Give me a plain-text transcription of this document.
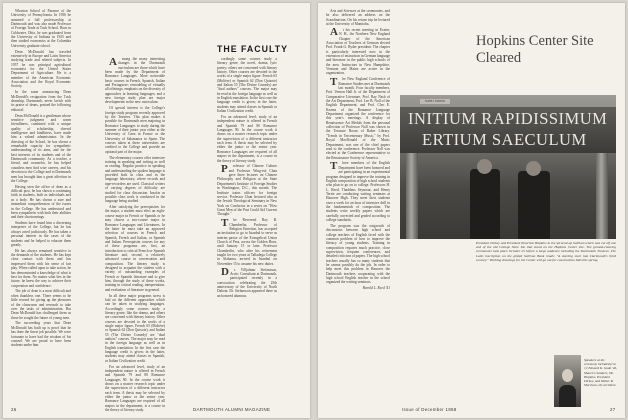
Wharton School of Finance of the University of Pennsylvania. In 1956 he assumed a full professorship at Dartmouth and was also made Professor of Foreign Trade at Tuck School. Born in Coldwater, Ohio, he was graduated from the University of Indiana in 1925 and then studied economics at the Columbia University graduate school.

Dean McDonald has traveled extensively in Europe and Latin America studying trade and related subjects. In 1957 he was principal agricultural economist for the United States Department of Agriculture. He is a member of the American Economic Association and the Royal Economic Society.

In the same announcing Dean McDonald's resignation from the Tuck deanship, Dartmouth, never lavish with its praise of deans, praised the following editorial:

Dean McDonald is a gentleman whose sensitive judgment and warm friendliness, combined with a unique quality of scholarship, shrewd intelligence and kindliness, have made him a valued administrator. In the directing of the School, he has shown a remarkable capacity for sympathetic understanding of its aims, and for the best interests of its students and of the Dartmouth community. As a teacher, a friend, and counselor, he has helped countless men find wise careers, and his devotion to the College and to Dartmouth men has brought him a great affection in the College.

Having seen the office of dean as a difficult post, he has shown a continuing faith in students, both as individuals and as a body. He has shown a sure and immediate comprehension of the issues in the College. He has understood and been sympathetic with both their abilities and their shortcomings.

Students have found him a discerning interpreter of the College, but he has always acted judiciously. He has taken a personal interest in the cases of the students and he helped to educate them greatly.

He has always remained sensitive to the demands of the students. He has kept close contact with them and has impressed them with his sense of fair play. When called upon to take action, he has demonstrated a knowledge of what is best for them. No matter what lies in the future, he knew the way to achieve their cooperation and confidence.

The job of dean is a most difficult and often thankless one. There seems to be little reward for giving up the pleasures of the classroom and research to take over the tasks of administration. But Dean McDonald has challenged them as those he sought the future of young men.

The succeeding years that Dean McDonald has built up is proof that he has done the finest job possible. We were fortunate to have had the wisdom of his counsel. We are proud to have been students under him.

THE FACULTY

Among the many interesting changes in the Dartmouth curriculum are those which have been made by the Department of Romance Languages. More noticeable basic courses in French, Spanish, Italian and Portuguese; remodeling of virtually all offerings; emphasis on the diversity of approaches in learning languages; and a new foreign study plan are major developments in the new curriculum.

Of special interest is the College's foreign study program recently approved by the Trustees. This plan makes it possible for Dartmouth men majoring in Romance Languages to study during the summer of their junior year either at the University of Caen in France or the University of Salamanca in Spain. The courses taken at these universities are credited to the College and provide an optional part of the major.

The elementary courses offer intensive training in speaking and writing as well as reading. Regular practice in speaking and understanding the spoken language is provided both in class and in the language laboratory, where records and tape-recorders are used. Classical writers of varying degrees of difficulty are studied for class discussion. Insofar as possible class work is conducted in the language being studied.

After satisfying the prerequisites for the major, a student must elect an eight-course major in French or Spanish or he may choose a two-course major in Romance Languages and Literatures. In the latter he must take an approved selection of courses in French and Spanish, French and Italian, or Spanish and Italian. Prerequisite courses for any of these programs are, first, an introduction to critical French or Spanish literature and, second, a relatively advanced course in conversation and composition. The literary study is designed to acquaint the student with a variety of outstanding examples of French or Spanish literature and to give him, through the study of these works, training in critical reading, interpretation, and evaluation of literature in general.

In all these major programs stress is laid on the different approaches which can be taken in studying languages. Accordingly some courses study a literary genre, like the drama, and others are concerned with literary history. Other courses are devoted to the works of a single major figure, French 65 (Molière) or Spanish 62 (Don Quixote), and Italian 55 (The Divine Comedy) are "dual authors" courses. The major may be read in the foreign language as well as in English translation. In the first case the language credit is given; in the latter, students may attend classes in Spanish, or Italian Civilization credit.

For an advanced level, study of an independent nature is offered in French and Spanish 79 and 80 Romance Languages 90. In the course work it draws on a master research topic under the supervision of a different instructor each term. A thesis may be selected by either the junior or the senior year. Romance Languages are required of all majors in the department, is a course in the theory of literary study.

cordingly some courses study a literary genre, the novel, drama, lyric poetry; others are concerned with literary history. Other courses are devoted to the works of a single major figure. French 65 (Molière) or Spanish 62 (Don Quixote) and Italian 55 (The Divine Comedy) are "dual authors" courses. The major may be read in the foreign language as well as in English translation. In the first case the language credit is given; in the latter, students may attend classes in Spanish or Italian Civilization credit.

For an advanced level, study of an independent nature is offered in French and Spanish 79 and 80 Romance Languages 90. In the course work it draws on a master research topic under the supervision of a different instructor each term. A thesis may be selected by either the junior or the senior year. Romance Languages are required of all majors in the department, is a course in the theory of literary study.

Professor of Chinese Culture and Professor Wing-tsit Chan gave three lectures on Chinese Philosophy and Religion at the State Department's Institute of Foreign Studies in Washington, D.C., this month. The Institute trains officers for foreign service. Professor Chan lectured also at the Jewish Theological Seminary in New York on Confucius in a series on "How Great Men of the Past Could Aid Current Thought."

The Reverend Roy B. Chamberlin, Professor of Religion Emeritus, has accepted an invitation to go to Istanbul to serve as interim pastor of the Evangelical Union Church of Pera, across the Golden Horn, until January 15 or later. Professor Chamberlin, who after his retirement taught for two years at Talladega College in Alabama, arrived in Istanbul on November 15 to assume his new duties.

Dr. Villjalmur Stefansson, Arctic Consultant at Dartmouth, participated recently in a convocation celebrating the 25th anniversary of the University of North Dakota. Dr. Stefansson appeared there as an honored alumnus.

26	DARTMOUTH ALUMNI MAGAZINE

Arts and Sciences at the ceremonies, and he also delivered an address on the Scandinavian. On his return trip he lectured at the University of Manitoba.

At his recent meeting in Exeter, N. H., the Northern New England Chapter of the American Association of Teachers of German elected Prof. Frank G. Ryder president. The chapter is particularly interested now in the extension of instruction in German language and literature in the public high schools of the area. Instructors in New Hampshire, Vermont and Maine are active in the organization.

The New England Conference of Romance Studies met at Dartmouth last month. Four faculty members, Prof. Vernon Hall Jr. of the Department of Comparative Literature, Prof. Ray Nash of the Art Department, Prof. Lee B. Noll of the English Department, and Prof. Cleo E. Kearns of the Romance Language Department organized the conference for this year's meetings. A display of Renaissance Art Medals from the personal collection of Professor Noll was shown in the Treasure Room of Baker Library. "Trends in Tercentenary Music," by Prof. Royal MacDonald of the Music Department, was one of the chief papers read to the conference. Professor Noll was elected at the Conference representative to the Renaissance Society of America.

Three members of the English Department have been honored and are participating in an experimental program designed to improve the training in English composition of high school students who plan to go on to college. Professors H. L. Reed, Thaddeus Seymour, and Henry Terrie are conducting writing seminars at Hanover High. They meet their students once a week for an hour of intensive drill in the fundamentals of composition. The students write weekly papers which are carefully corrected and graded according to college standards.

The program was the outgrowth of discussions between high school and college teachers of English faced with the common problem of how to improve the literacy of young students. Training in composition requires much practice, close supervision, frequent conferences, and detailed criticism of papers. The high school teachers usually has so many students that he cannot possibly do the job. In order to help meet this problem in Hanover the Dartmouth teachers cooperating with the high school English teacher in the school organized the writing seminars.

Harold L. Reed '41
Hopkins Center Site Cleared
SUPPLY STATION
INITIUM RAPIDISSIMUM
ERTIUM SAECULUM

President Dickey and President Emeritus Hopkins in the spruced-up Sullivan which was cut off one end of the old College Store Inn that stood on the Hopkins Center site. The ground-clearing ceremonies took place October 25 before a large audience including the Dartmouth Trustees. The Latin inscription on the gilded Sullivan Bank reads: "A starting start into Dartmouth's third century." Working drawings for the Center will go out for construction bids this spring.

Speakers at the ceremony included (l to r): Edward K. Gude '46, Maurice Sanders, Mr. Hopkins, President Dickey, and Walter R. Morrison, the architect.

Issue of December 1958	27
